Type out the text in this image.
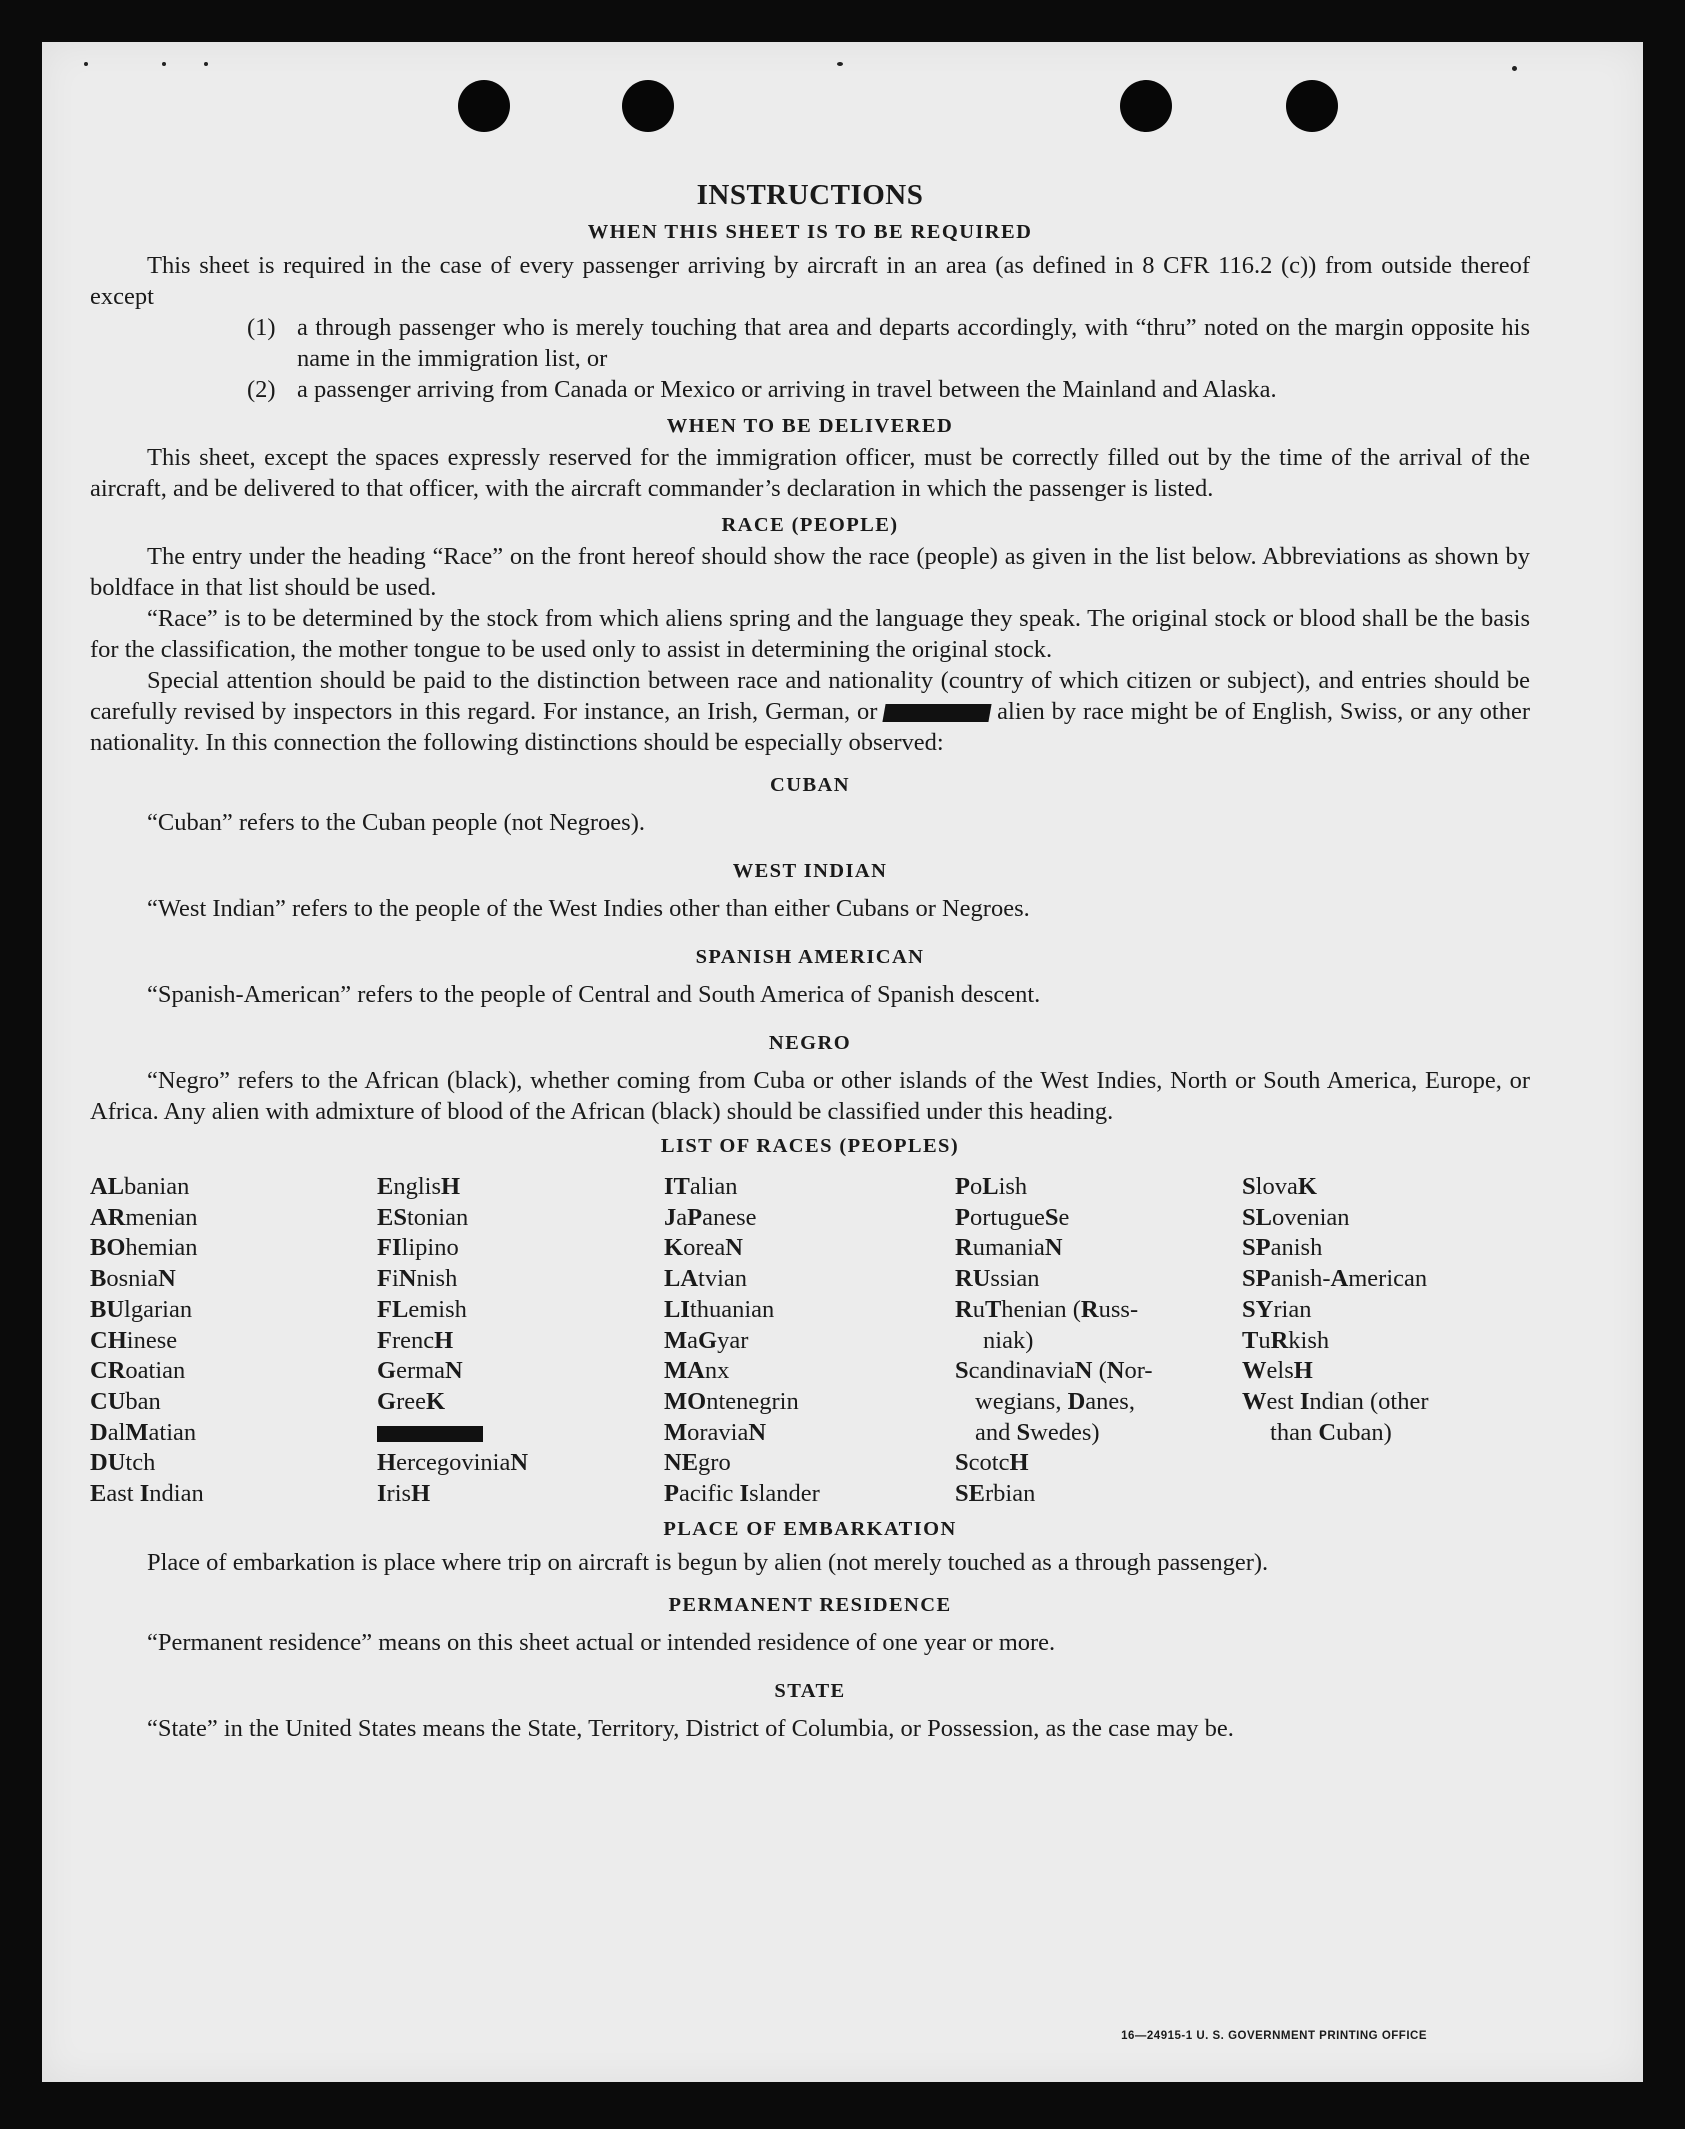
INSTRUCTIONS
WHEN THIS SHEET IS TO BE REQUIRED
This sheet is required in the case of every passenger arriving by aircraft in an area (as defined in 8 CFR 116.2 (c)) from outside thereof except
(1) a through passenger who is merely touching that area and departs accordingly, with “thru” noted on the margin opposite his name in the immigration list, or
(2) a passenger arriving from Canada or Mexico or arriving in travel between the Mainland and Alaska.
WHEN TO BE DELIVERED
This sheet, except the spaces expressly reserved for the immigration officer, must be correctly filled out by the time of the arrival of the aircraft, and be delivered to that officer, with the aircraft commander’s declaration in which the passenger is listed.
RACE (PEOPLE)
The entry under the heading “Race” on the front hereof should show the race (people) as given in the list below. Abbreviations as shown by boldface in that list should be used.
“Race” is to be determined by the stock from which aliens spring and the language they speak. The original stock or blood shall be the basis for the classification, the mother tongue to be used only to assist in determining the original stock.
Special attention should be paid to the distinction between race and nationality (country of which citizen or subject), and entries should be carefully revised by inspectors in this regard. For instance, an Irish, German, or	alien by race might be of English, Swiss, or any other nationality. In this connection the following distinctions should be especially observed:
CUBAN
“Cuban” refers to the Cuban people (not Negroes).
WEST INDIAN
“West Indian” refers to the people of the West Indies other than either Cubans or Negroes.
SPANISH AMERICAN
“Spanish-American” refers to the people of Central and South America of Spanish descent.
NEGRO
“Negro” refers to the African (black), whether coming from Cuba or other islands of the West Indies, North or South America, Europe, or Africa. Any alien with admixture of blood of the African (black) should be classified under this heading.
LIST OF RACES (PEOPLES)
ALbanian
ARmenian
BOhemian
BosniaN
BUlgarian
CHinese
CRoatian
CUban
DalMatian
DUtch
East Indian
EnglisH
EStonian
FIlipino
FiNnish
FLemish
FrencH
GermaN
GreeK
HercegoviniaN
IrisH
ITalian
JaPanese
KoreaN
LAtvian
LIthuanian
MaGyar
MAnx
MOntenegrin
MoraviaN
NEgro
Pacific Islander
PoLish
PortugueSe
RumaniaN
RUssian
RuThenian (Russ-
niak)
ScandinaviaN (Nor-
wegians, Danes,
and Swedes)
ScotcH
SErbian
SlovaK
SLovenian
SPanish
SPanish-American
SYrian
TuRkish
WelsH
West Indian (other
than Cuban)
PLACE OF EMBARKATION
Place of embarkation is place where trip on aircraft is begun by alien (not merely touched as a through passenger).
PERMANENT RESIDENCE
“Permanent residence” means on this sheet actual or intended residence of one year or more.
STATE
“State” in the United States means the State, Territory, District of Columbia, or Possession, as the case may be.
16—24915-1 U. S. GOVERNMENT PRINTING OFFICE
